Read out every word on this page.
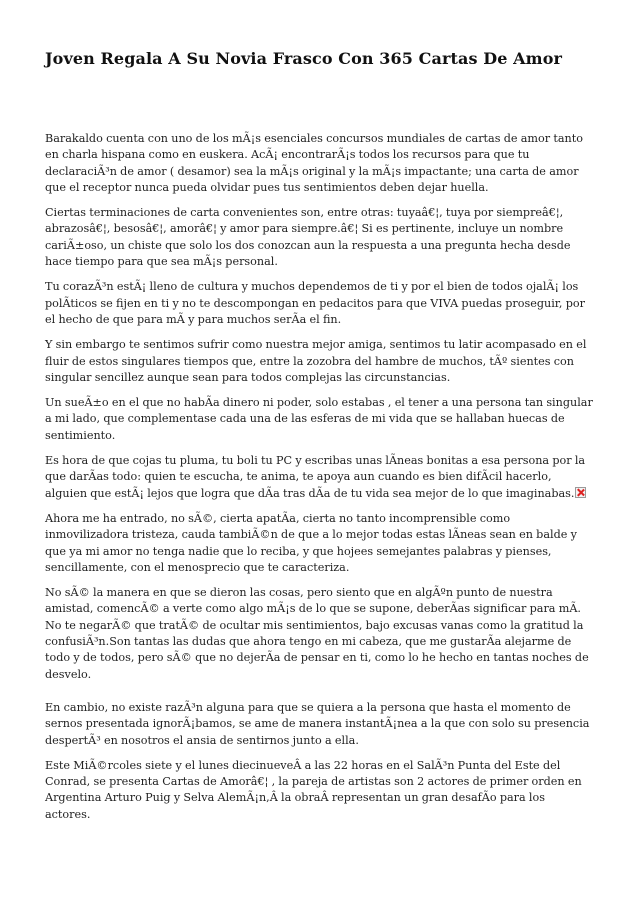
Joven Regala A Su Novia Frasco Con 365 Cartas De Amor

Barakaldo cuenta con uno de los mÃ¡s esenciales concursos mundiales de cartas de amor tanto en charla hispana como en euskera. AcÃ¡ encontrarÃ¡s todos los recursos para que tu declaraciÃ³n de amor ( desamor) sea la mÃ¡s original y la mÃ¡s impactante; una carta de amor que el receptor nunca pueda olvidar pues tus sentimientos deben dejar huella.

Ciertas terminaciones de carta convenientes son, entre otras: tuyaâ€¦, tuya por siempreâ€¦, abrazosâ€¦, besosâ€¦, amorâ€¦ y amor para siempre.â€¦ Si es pertinente, incluye un nombre cariÃ±oso, un chiste que solo los dos conozcan aun la respuesta a una pregunta hecha desde hace tiempo para que sea mÃ¡s personal.

Tu corazÃ³n estÃ¡ lleno de cultura y muchos dependemos de ti y por el bien de todos ojalÃ¡ los polÃticos se fijen en ti y no te descompongan en pedacitos para que VIVA puedas proseguir, por el hecho de que para mÃ y para muchos serÃa el fin.

Y sin embargo te sentimos sufrir como nuestra mejor amiga, sentimos tu latir acompasado en el fluir de estos singulares tiempos que, entre la zozobra del hambre de muchos, tÃº sientes con singular sencillez aunque sean para todos complejas las circunstancias.

Un sueÃ±o en el que no habÃa dinero ni poder, solo estabas , el tener a una persona tan singular a mi lado, que complementase cada una de las esferas de mi vida que se hallaban huecas de sentimiento.

Es hora de que cojas tu pluma, tu boli tu PC y escribas unas lÃneas bonitas a esa persona por la que darÃas todo: quien te escucha, te anima, te apoya aun cuando es bien difÃcil hacerlo, alguien que estÃ¡ lejos que logra que dÃa tras dÃa de tu vida sea mejor de lo que imaginabas.

Ahora me ha entrado, no sÃ©, cierta apatÃa, cierta no tanto incomprensible como inmovilizadora tristeza, cauda tambiÃ©n de que a lo mejor todas estas lÃneas sean en balde y que ya mi amor no tenga nadie que lo reciba, y que hojees semejantes palabras y pienses, sencillamente, con el menosprecio que te caracteriza.

No sÃ© la manera en que se dieron las cosas, pero siento que en algÃºn punto de nuestra amistad, comencÃ© a verte como algo mÃ¡s de lo que se supone, deberÃas significar para mÃ. No te negarÃ© que tratÃ© de ocultar mis sentimientos, bajo excusas vanas como la gratitud la confusiÃ³n.Son tantas las dudas que ahora tengo en mi cabeza, que me gustarÃa alejarme de todo y de todos, pero sÃ© que no dejerÃa de pensar en ti, como lo he hecho en tantas noches de desvelo.

En cambio, no existe razÃ³n alguna para que se quiera a la persona que hasta el momento de sernos presentada ignorÃ¡bamos, se ame de manera instantÃ¡nea a la que con solo su presencia despertÃ³ en nosotros el ansia de sentirnos junto a ella.

Este MiÃ©rcoles siete y el lunes diecinueveÂ a las 22 horas en el SalÃ³n Punta del Este del Conrad, se presenta Cartas de Amorâ€¦ , la pareja de artistas son 2 actores de primer orden en Argentina Arturo Puig y Selva AlemÃ¡n,Â la obraÂ representan un gran desafÃo para los actores.
